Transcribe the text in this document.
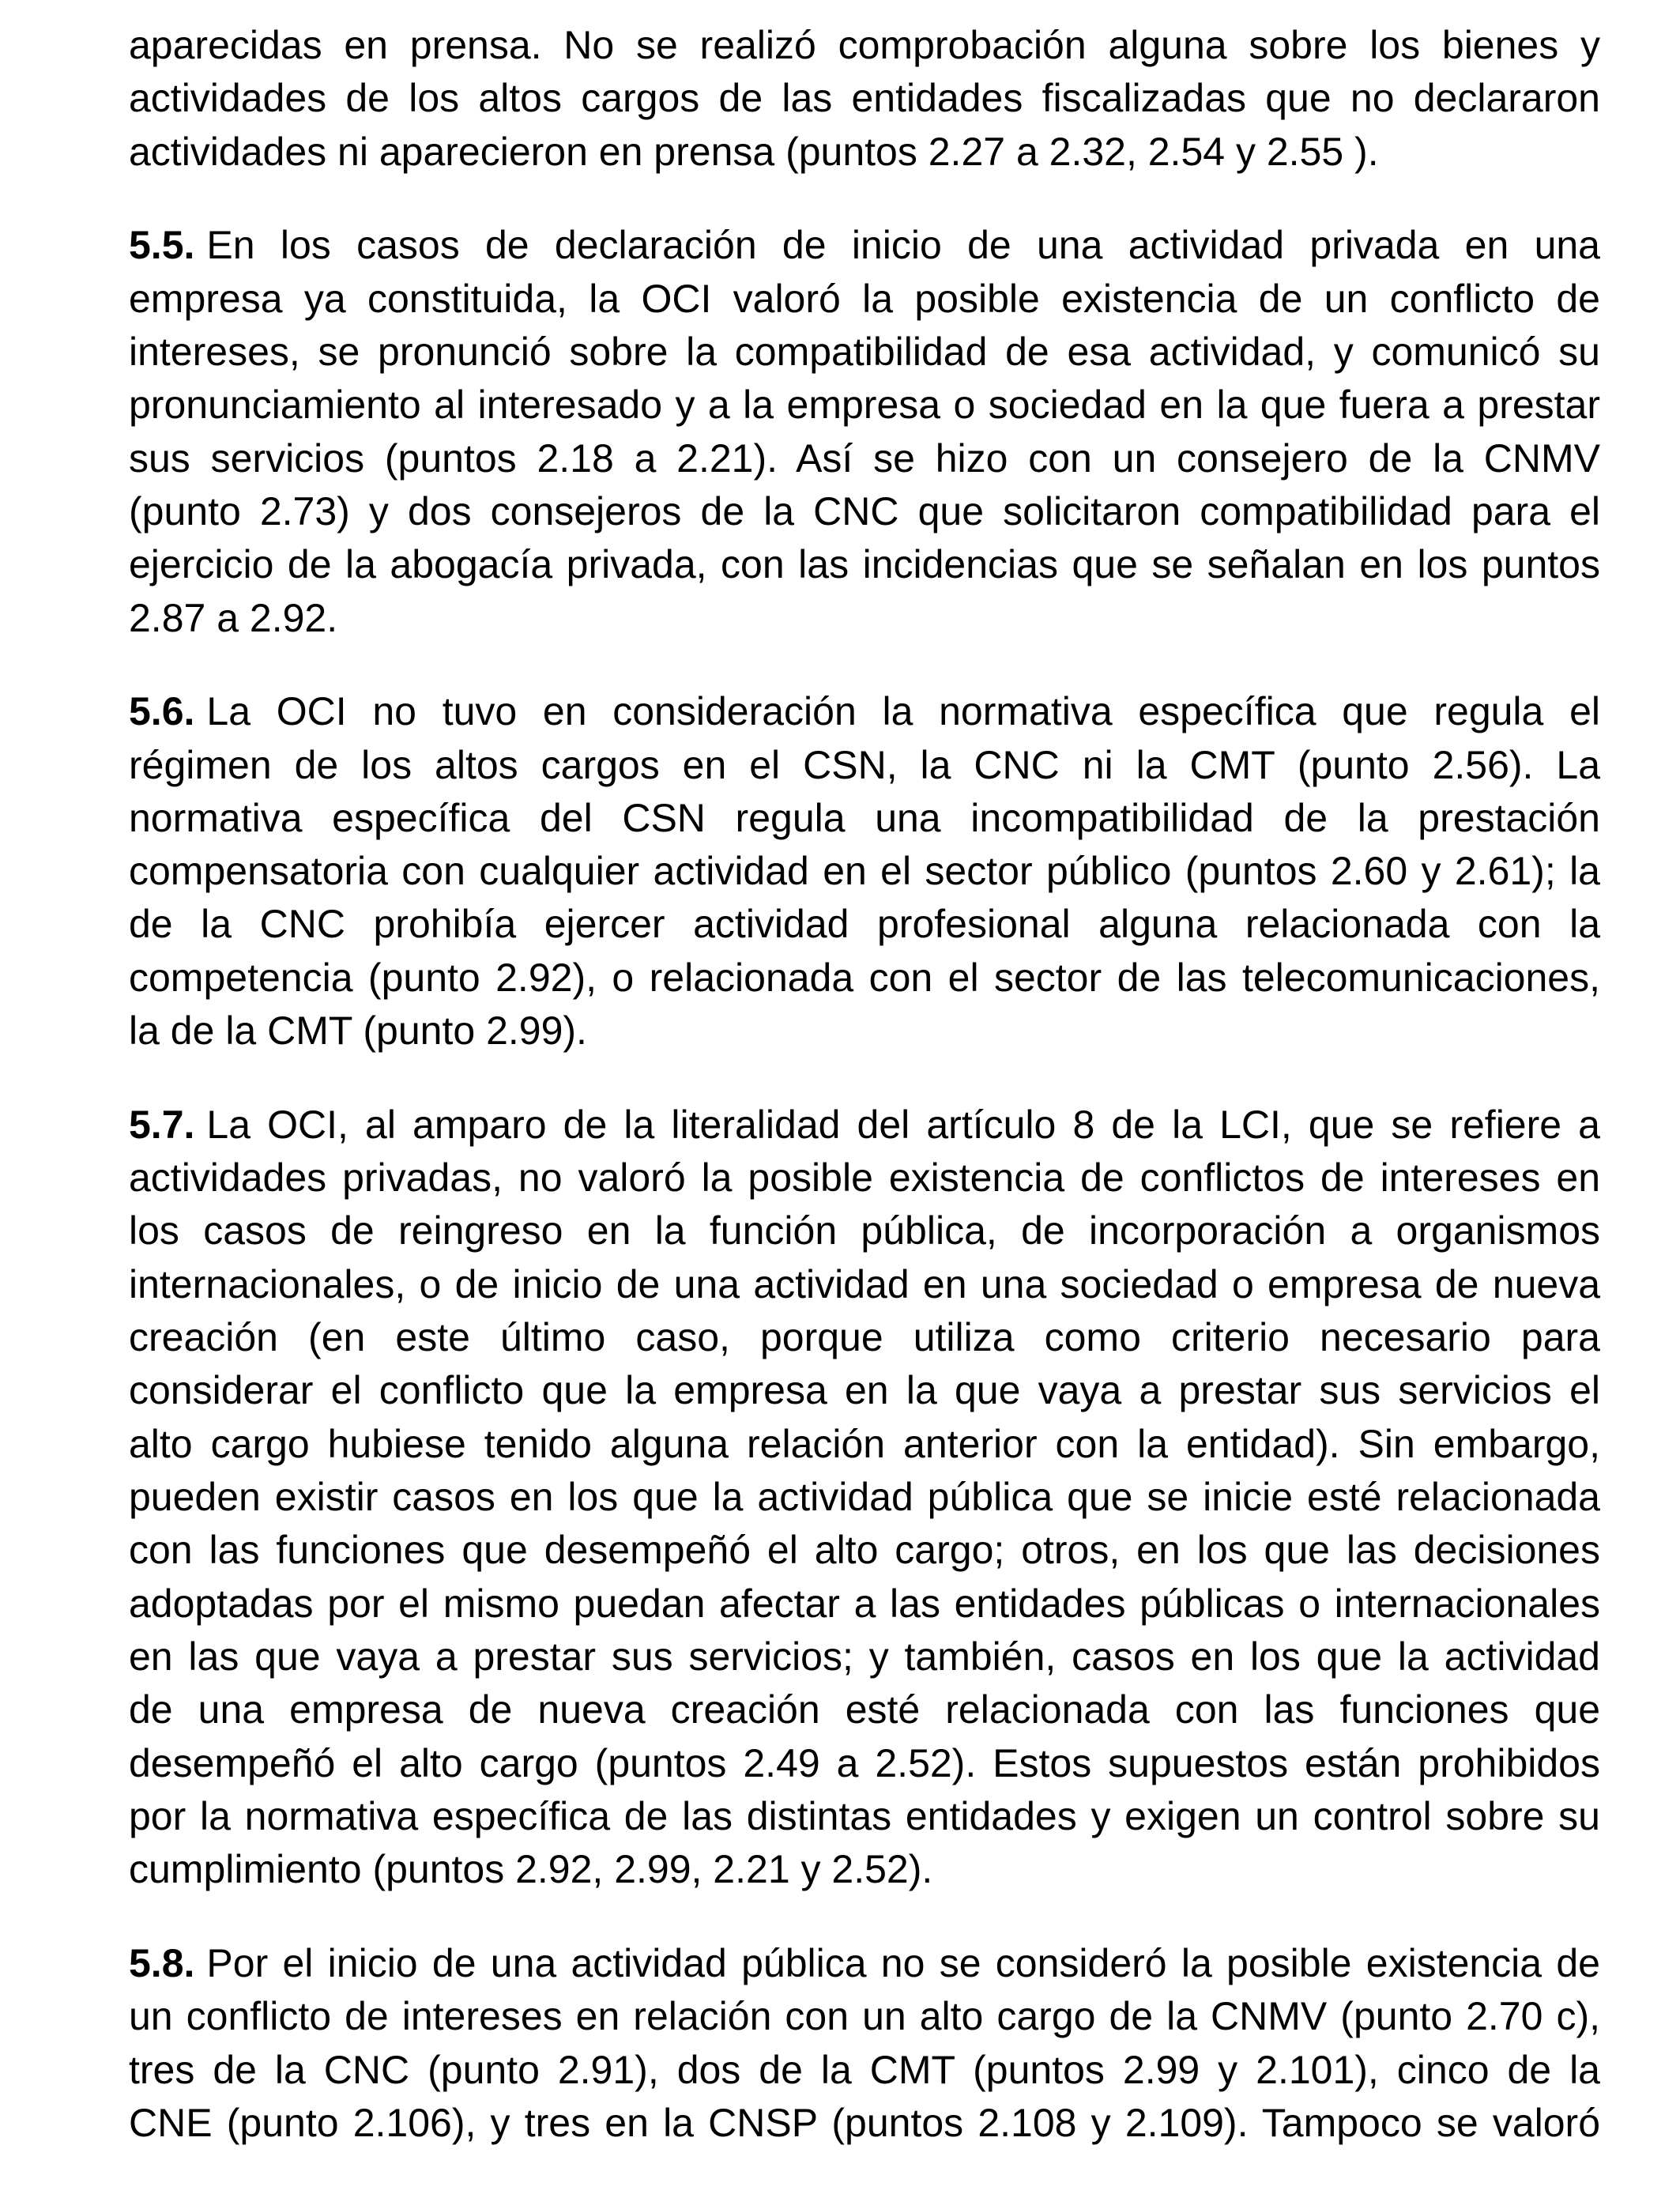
aparecidas en prensa. No se realizó comprobación alguna sobre los bienes y
actividades de los altos cargos de las entidades fiscalizadas que no declararon
actividades ni aparecieron en prensa (puntos 2.27 a 2.32, 2.54 y 2.55 ).
5.5. En los casos de declaración de inicio de una actividad privada en una
empresa ya constituida, la OCI valoró la posible existencia de un conflicto de
intereses, se pronunció sobre la compatibilidad de esa actividad, y comunicó su
pronunciamiento al interesado y a la empresa o sociedad en la que fuera a prestar
sus servicios (puntos 2.18 a 2.21). Así se hizo con un consejero de la CNMV
(punto 2.73) y dos consejeros de la CNC que solicitaron compatibilidad para el
ejercicio de la abogacía privada, con las incidencias que se señalan en los puntos
2.87 a 2.92.
5.6. La OCI no tuvo en consideración la normativa específica que regula el
régimen de los altos cargos en el CSN, la CNC ni la CMT (punto 2.56). La
normativa específica del CSN regula una incompatibilidad de la prestación
compensatoria con cualquier actividad en el sector público (puntos 2.60 y 2.61); la
de la CNC prohibía ejercer actividad profesional alguna relacionada con la
competencia (punto 2.92), o relacionada con el sector de las telecomunicaciones,
la de la CMT (punto 2.99).
5.7. La OCI, al amparo de la literalidad del artículo 8 de la LCI, que se refiere a
actividades privadas, no valoró la posible existencia de conflictos de intereses en
los casos de reingreso en la función pública, de incorporación a organismos
internacionales, o de inicio de una actividad en una sociedad o empresa de nueva
creación (en este último caso, porque utiliza como criterio necesario para
considerar el conflicto que la empresa en la que vaya a prestar sus servicios el
alto cargo hubiese tenido alguna relación anterior con la entidad). Sin embargo,
pueden existir casos en los que la actividad pública que se inicie esté relacionada
con las funciones que desempeñó el alto cargo; otros, en los que las decisiones
adoptadas por el mismo puedan afectar a las entidades públicas o internacionales
en las que vaya a prestar sus servicios; y también, casos en los que la actividad
de una empresa de nueva creación esté relacionada con las funciones que
desempeñó el alto cargo (puntos 2.49 a 2.52). Estos supuestos están prohibidos
por la normativa específica de las distintas entidades y exigen un control sobre su
cumplimiento (puntos 2.92, 2.99, 2.21 y 2.52).
5.8. Por el inicio de una actividad pública no se consideró la posible existencia de
un conflicto de intereses en relación con un alto cargo de la CNMV (punto 2.70 c),
tres de la CNC (punto 2.91), dos de la CMT (puntos 2.99 y 2.101), cinco de la
CNE (punto 2.106), y tres en la CNSP (puntos 2.108 y 2.109). Tampoco se valoró
